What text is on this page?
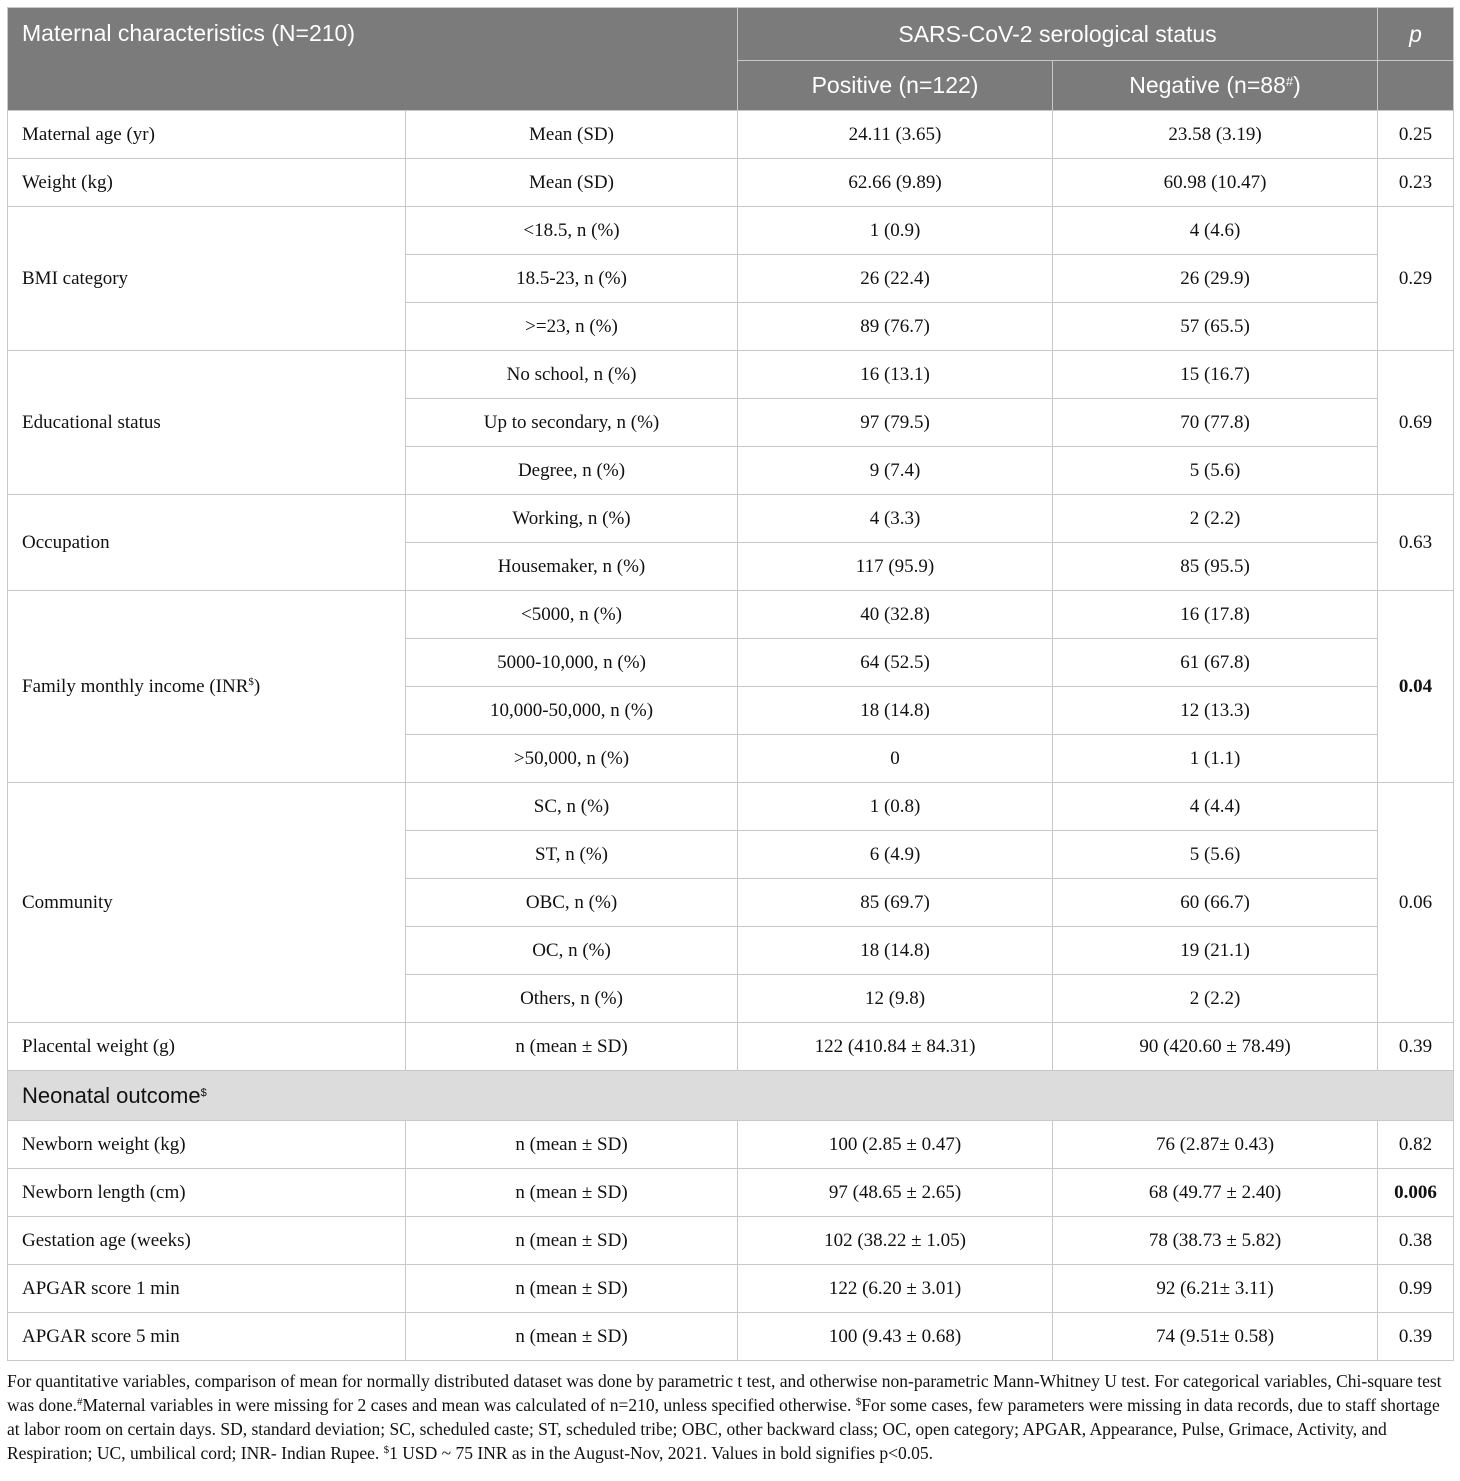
Maternal characteristics (N=210)		SARS-CoV-2 serological status		p
		Positive (n=122)	Negative (n=88#)	
Maternal age (yr)	Mean (SD)	24.11 (3.65)	23.58 (3.19)	0.25
Weight (kg)	Mean (SD)	62.66 (9.89)	60.98 (10.47)	0.23
BMI category	<18.5, n (%)	1 (0.9)	4 (4.6)	0.29
	18.5-23, n (%)	26 (22.4)	26 (29.9)	
	>=23, n (%)	89 (76.7)	57 (65.5)	
Educational status	No school, n (%)	16 (13.1)	15 (16.7)	0.69
	Up to secondary, n (%)	97 (79.5)	70 (77.8)	
	Degree, n (%)	9 (7.4)	5 (5.6)	
Occupation	Working, n (%)	4 (3.3)	2 (2.2)	0.63
	Housemaker, n (%)	117 (95.9)	85 (95.5)	
Family monthly income (INR$)	<5000, n (%)	40 (32.8)	16 (17.8)	0.04
	5000-10,000, n (%)	64 (52.5)	61 (67.8)	
	10,000-50,000, n (%)	18 (14.8)	12 (13.3)	
	>50,000, n (%)	0	1 (1.1)	
Community	SC, n (%)	1 (0.8)	4 (4.4)	0.06
	ST, n (%)	6 (4.9)	5 (5.6)	
	OBC, n (%)	85 (69.7)	60 (66.7)	
	OC, n (%)	18 (14.8)	19 (21.1)	
	Others, n (%)	12 (9.8)	2 (2.2)	
Placental weight (g)	n (mean ± SD)	122 (410.84 ± 84.31)	90 (420.60 ± 78.49)	0.39
Neonatal outcome$
Newborn weight (kg)	n (mean ± SD)	100 (2.85 ± 0.47)	76 (2.87± 0.43)	0.82
Newborn length (cm)	n (mean ± SD)	97 (48.65 ± 2.65)	68 (49.77 ± 2.40)	0.006
Gestation age (weeks)	n (mean ± SD)	102 (38.22 ± 1.05)	78 (38.73 ± 5.82)	0.38
APGAR score 1 min	n (mean ± SD)	122 (6.20 ± 3.01)	92 (6.21± 3.11)	0.99
APGAR score 5 min	n (mean ± SD)	100 (9.43 ± 0.68)	74 (9.51± 0.58)	0.39

For quantitative variables, comparison of mean for normally distributed dataset was done by parametric t test, and otherwise non-parametric Mann-Whitney U test. For categorical variables, Chi-square test was done.#Maternal variables in were missing for 2 cases and mean was calculated of n=210, unless specified otherwise. $For some cases, few parameters were missing in data records, due to staff shortage at labor room on certain days. SD, standard deviation; SC, scheduled caste; ST, scheduled tribe; OBC, other backward class; OC, open category; APGAR, Appearance, Pulse, Grimace, Activity, and Respiration; UC, umbilical cord; INR- Indian Rupee. $1 USD ~ 75 INR as in the August-Nov, 2021. Values in bold signifies p<0.05.
